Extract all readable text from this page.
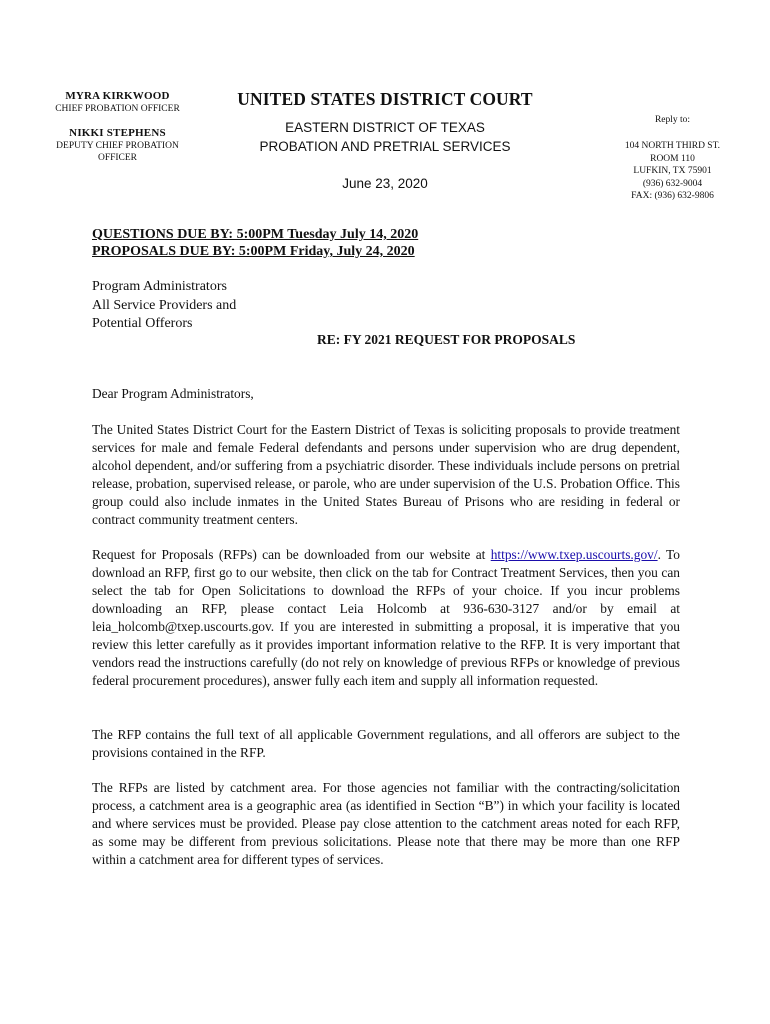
MYRA KIRKWOOD
CHIEF PROBATION OFFICER
NIKKI STEPHENS
DEPUTY CHIEF PROBATION OFFICER
UNITED STATES DISTRICT COURT
EASTERN DISTRICT OF TEXAS
PROBATION AND PRETRIAL SERVICES
June 23, 2020
Reply to:
104 NORTH THIRD ST.
ROOM 110
LUFKIN, TX 75901
(936) 632-9004
FAX: (936) 632-9806
QUESTIONS DUE BY: 5:00PM Tuesday July 14, 2020
PROPOSALS DUE BY: 5:00PM Friday, July 24, 2020
Program Administrators
All Service Providers and
Potential Offerors
RE: FY 2021 REQUEST FOR PROPOSALS
Dear Program Administrators,
The United States District Court for the Eastern District of Texas is soliciting proposals to provide treatment services for male and female Federal defendants and persons under supervision who are drug dependent, alcohol dependent, and/or suffering from a psychiatric disorder. These individuals include persons on pretrial release, probation, supervised release, or parole, who are under supervision of the U.S. Probation Office. This group could also include inmates in the United States Bureau of Prisons who are residing in federal or contract community treatment centers.
Request for Proposals (RFPs) can be downloaded from our website at https://www.txep.uscourts.gov/. To download an RFP, first go to our website, then click on the tab for Contract Treatment Services, then you can select the tab for Open Solicitations to download the RFPs of your choice. If you incur problems downloading an RFP, please contact Leia Holcomb at 936-630-3127 and/or by email at leia_holcomb@txep.uscourts.gov. If you are interested in submitting a proposal, it is imperative that you review this letter carefully as it provides important information relative to the RFP. It is very important that vendors read the instructions carefully (do not rely on knowledge of previous RFPs or knowledge of previous federal procurement procedures), answer fully each item and supply all information requested.
The RFP contains the full text of all applicable Government regulations, and all offerors are subject to the provisions contained in the RFP.
The RFPs are listed by catchment area. For those agencies not familiar with the contracting/solicitation process, a catchment area is a geographic area (as identified in Section “B”) in which your facility is located and where services must be provided. Please pay close attention to the catchment areas noted for each RFP, as some may be different from previous solicitations. Please note that there may be more than one RFP within a catchment area for different types of services.
